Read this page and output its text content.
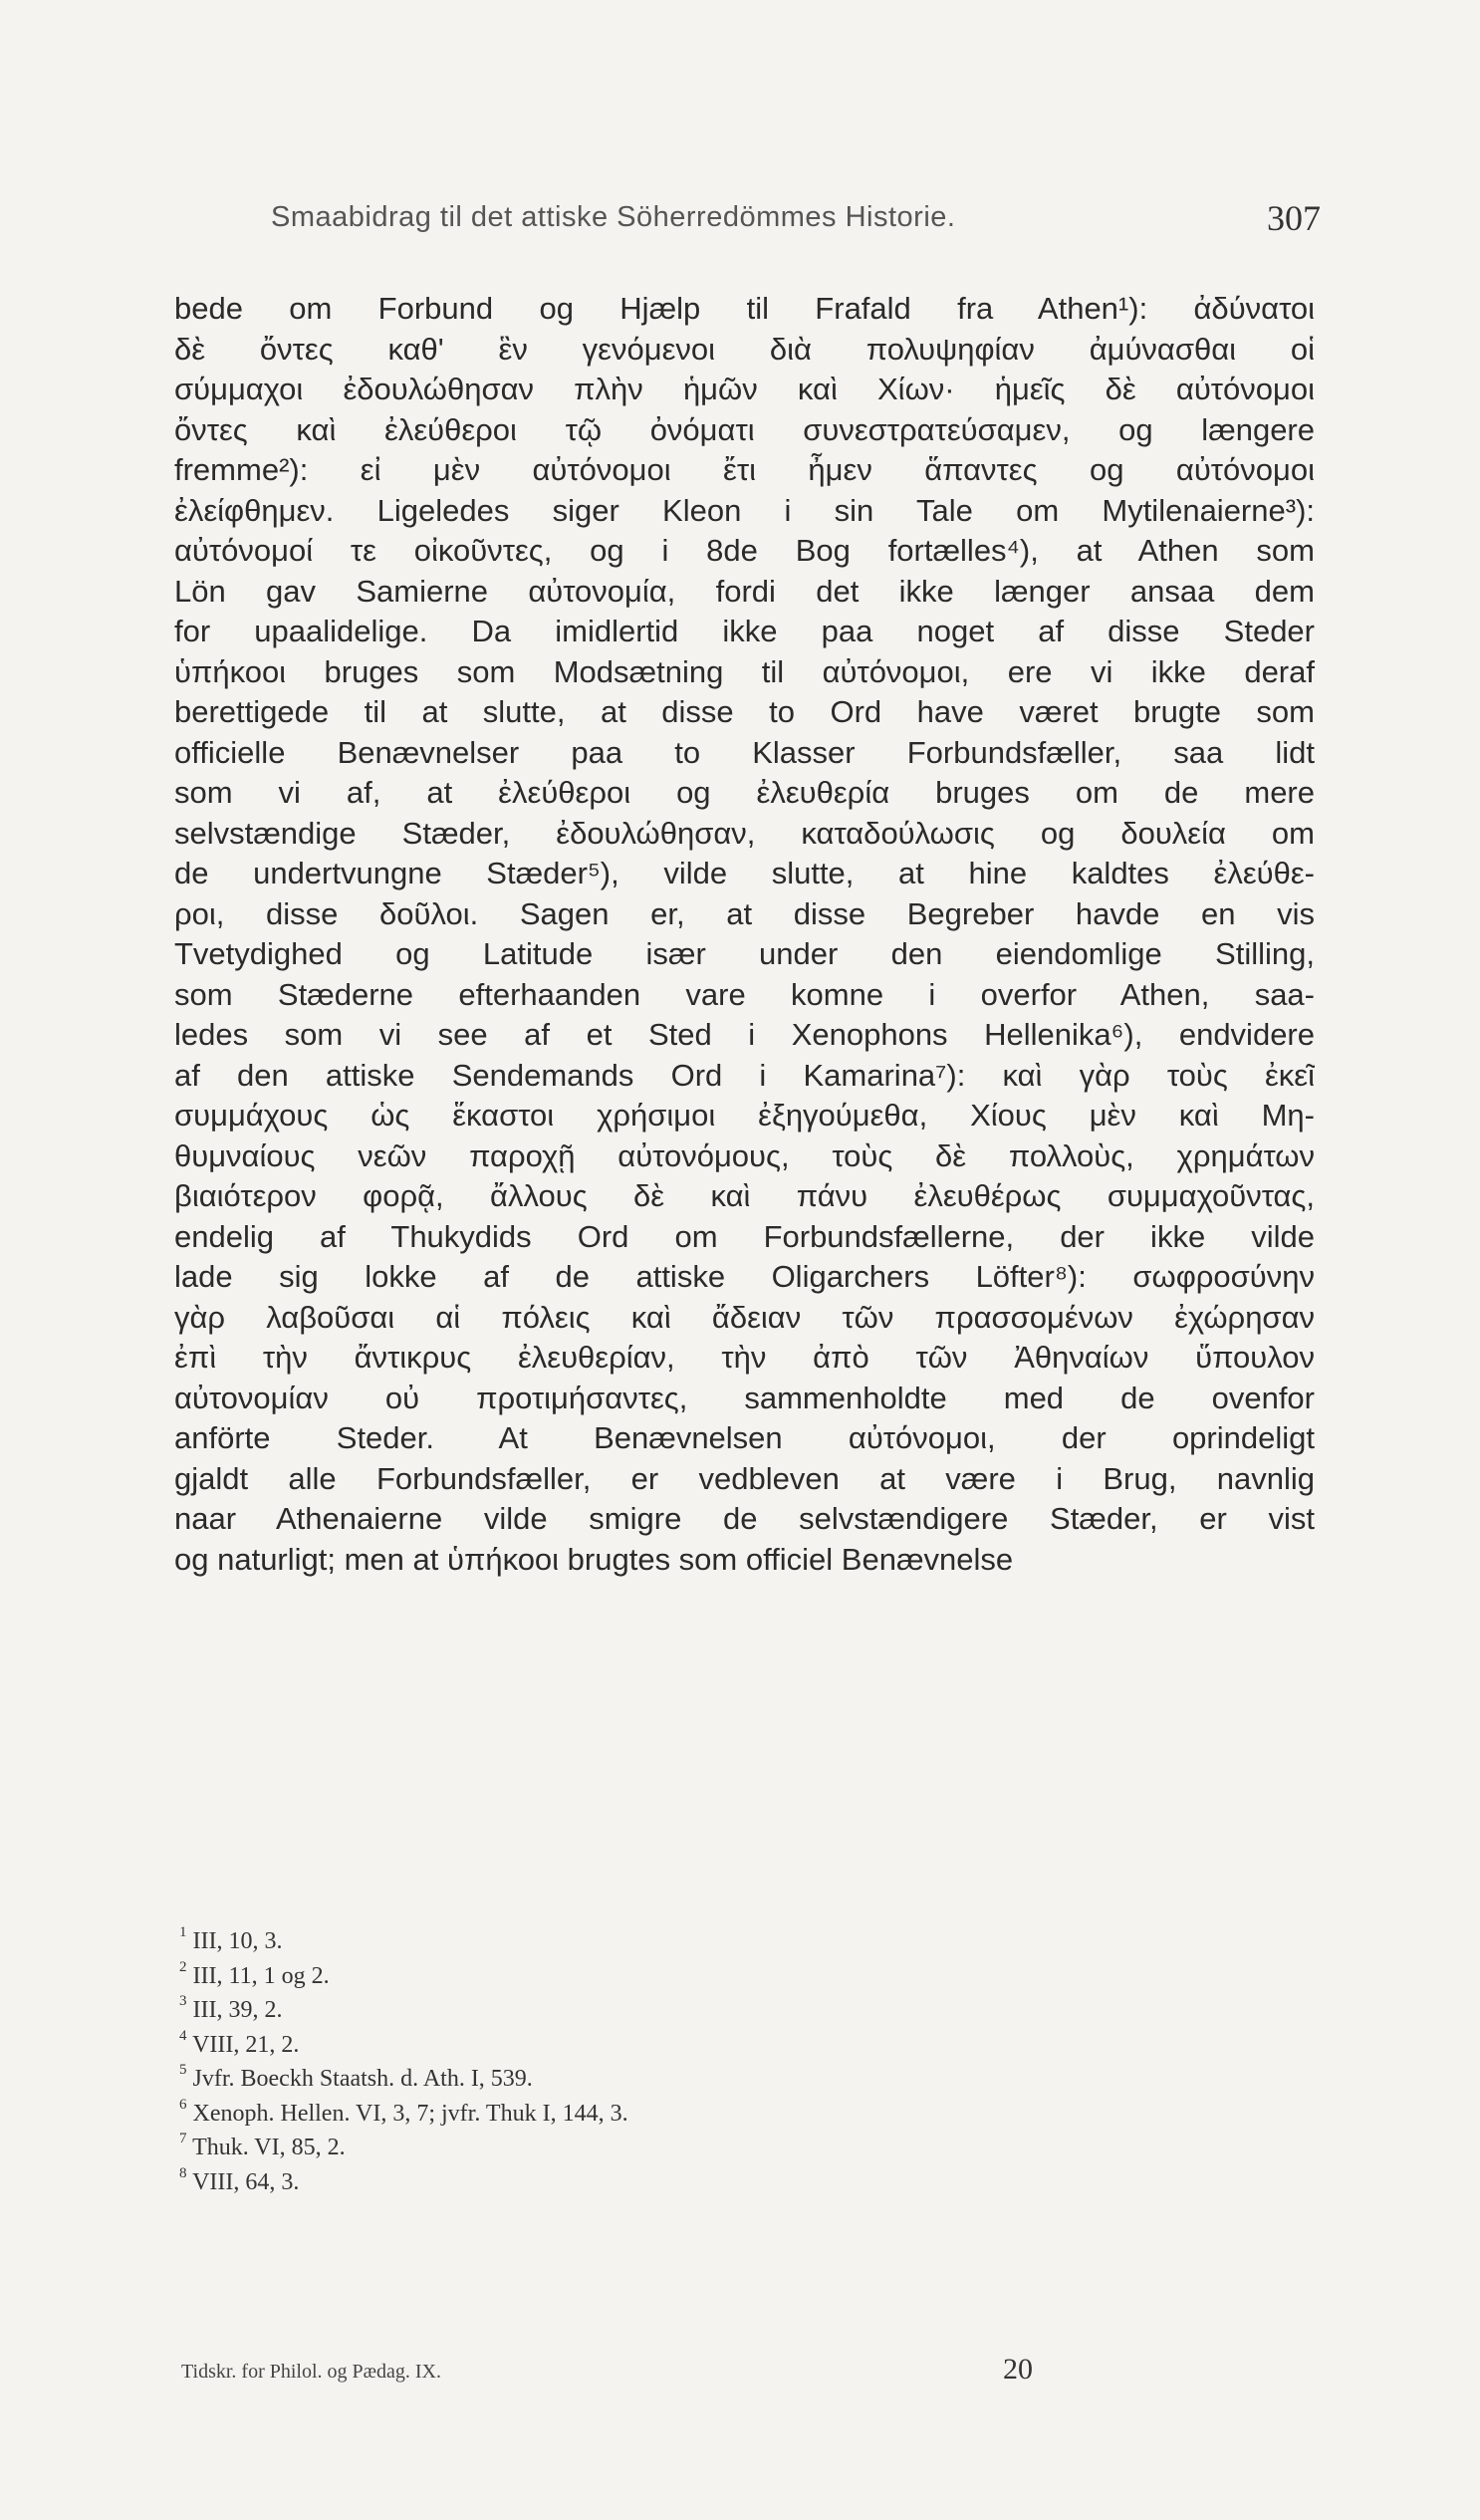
Smaabidrag til det attiske Söherredömmes Historie.	307
bede om Forbund og Hjælp til Frafald fra Athen¹): ἀδύνατοι
δὲ ὄντες καθ' ἓν γενόμενοι διὰ πολυψηφίαν ἀμύνασθαι οἱ
σύμμαχοι ἐδουλώθησαν πλὴν ἡμῶν καὶ Χίων· ἡμεῖς δὲ αὐτόνομοι
ὄντες καὶ ἐλεύθεροι τῷ ὀνόματι συνεστρατεύσαμεν, og længere
fremme²): εἰ μὲν αὐτόνομοι ἔτι ἦμεν ἅπαντες og αὐτόνομοι
ἐλείφθημεν. Ligeledes siger Kleon i sin Tale om Mytilenaierne³):
αὐτόνομοί τε οἰκοῦντες, og i 8de Bog fortælles⁴), at Athen som
Lön gav Samierne αὐτονομία, fordi det ikke længer ansaa dem
for upaalidelige. Da imidlertid ikke paa noget af disse Steder
ὑπήκοοι bruges som Modsætning til αὐτόνομοι, ere vi ikke deraf
berettigede til at slutte, at disse to Ord have været brugte som
officielle Benævnelser paa to Klasser Forbundsfæller, saa lidt
som vi af, at ἐλεύθεροι og ἐλευθερία bruges om de mere
selvstændige Stæder, ἐδουλώθησαν, καταδούλωσις og δουλεία om
de undertvungne Stæder⁵), vilde slutte, at hine kaldtes ἐλεύθε-
ροι, disse δοῦλοι. Sagen er, at disse Begreber havde en vis
Tvetydighed og Latitude især under den eiendomlige Stilling,
som Stæderne efterhaanden vare komne i overfor Athen, saa-
ledes som vi see af et Sted i Xenophons Hellenika⁶), endvidere
af den attiske Sendemands Ord i Kamarina⁷): καὶ γὰρ τοὺς ἐκεῖ
συμμάχους ὡς ἕκαστοι χρήσιμοι ἐξηγούμεθα, Χίους μὲν καὶ Μη-
θυμναίους νεῶν παροχῇ αὐτονόμους, τοὺς δὲ πολλοὺς, χρημάτων
βιαιότερον φορᾷ, ἄλλους δὲ καὶ πάνυ ἐλευθέρως συμμαχοῦντας,
endelig af Thukydids Ord om Forbundsfællerne, der ikke vilde
lade sig lokke af de attiske Oligarchers Löfter⁸): σωφροσύνην
γὰρ λαβοῦσαι αἱ πόλεις καὶ ἄδειαν τῶν πρασσομένων ἐχώρησαν
ἐπὶ τὴν ἄντικρυς ἐλευθερίαν, τὴν ἀπὸ τῶν Ἀθηναίων ὕπουλον
αὐτονομίαν οὐ προτιμήσαντες, sammenholdte med de ovenfor
anförte Steder. At Benævnelsen αὐτόνομοι, der oprindeligt
gjaldt alle Forbundsfæller, er vedbleven at være i Brug, navnlig
naar Athenaierne vilde smigre de selvstændigere Stæder, er vist
og naturligt; men at ὑπήκοοι brugtes som officiel Benævnelse
$^1$ III, 10, 3.
$^2$ III, 11, 1 og 2.
$^3$ III, 39, 2.
$^4$ VIII, 21, 2.
$^5$ Jvfr. Boeckh Staatsh. d. Ath. I, 539.
$^6$ Xenoph. Hellen. VI, 3, 7; jvfr. Thuk I, 144, 3.
$^7$ Thuk. VI, 85, 2.
$^8$ VIII, 64, 3.
Tidskr. for Philol. og Pædag. IX.	20
